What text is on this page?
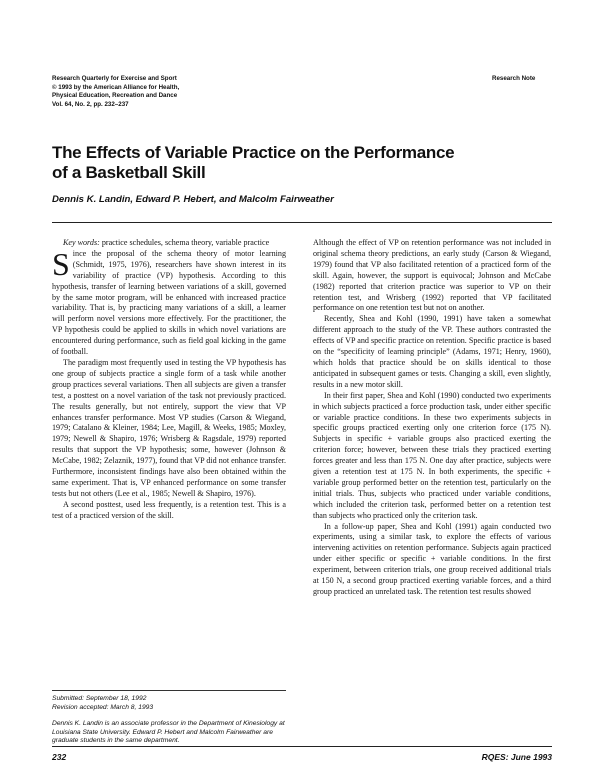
Research Quarterly for Exercise and Sport
© 1993 by the American Alliance for Health,
Physical Education, Recreation and Dance
Vol. 64, No. 2, pp. 232–237
Research Note
The Effects of Variable Practice on the Performance
of a Basketball Skill
Dennis K. Landin, Edward P. Hebert, and Malcolm Fairweather

Key words: practice schedules, schema theory, variable practice

Since the proposal of the schema theory of motor learning (Schmidt, 1975, 1976), researchers have shown interest in its variability of practice (VP) hypothesis. According to this hypothesis, transfer of learning between variations of a skill, governed by the same motor program, will be enhanced with increased practice variability. That is, by practicing many variations of a skill, a learner will perform novel versions more effectively. For the practitioner, the VP hypothesis could be applied to skills in which novel variations are encountered during performance, such as field goal kicking in the game of football.

The paradigm most frequently used in testing the VP hypothesis has one group of subjects practice a single form of a task while another group practices several variations. Then all subjects are given a transfer test, a posttest on a novel variation of the task not previously practiced. The results generally, but not entirely, support the view that VP enhances transfer performance. Most VP studies (Carson & Wiegand, 1979; Catalano & Kleiner, 1984; Lee, Magill, & Weeks, 1985; Moxley, 1979; Newell & Shapiro, 1976; Wrisberg & Ragsdale, 1979) reported results that support the VP hypothesis; some, however (Johnson & McCabe, 1982; Zelaznik, 1977), found that VP did not enhance transfer. Furthermore, inconsistent findings have also been obtained within the same experiment. That is, VP enhanced performance on some transfer tests but not others (Lee et al., 1985; Newell & Shapiro, 1976).

A second posttest, used less frequently, is a retention test. This is a test of a practiced version of the skill.

Although the effect of VP on retention performance was not included in original schema theory predictions, an early study (Carson & Wiegand, 1979) found that VP also facilitated retention of a practiced form of the skill. Again, however, the support is equivocal; Johnson and McCabe (1982) reported that criterion practice was superior to VP on their retention test, and Wrisberg (1992) reported that VP facilitated performance on one retention test but not on another.

Recently, Shea and Kohl (1990, 1991) have taken a somewhat different approach to the study of the VP. These authors contrasted the effects of VP and specific practice on retention. Specific practice is based on the “specificity of learning principle” (Adams, 1971; Henry, 1960), which holds that practice should be on skills identical to those anticipated in subsequent games or tests. Changing a skill, even slightly, results in a new motor skill.

In their first paper, Shea and Kohl (1990) conducted two experiments in which subjects practiced a force production task, under either specific or variable practice conditions. In these two experiments subjects in specific groups practiced exerting only one criterion force (175 N). Subjects in specific + variable groups also practiced exerting the criterion force; however, between these trials they practiced exerting forces greater and less than 175 N. One day after practice, subjects were given a retention test at 175 N. In both experiments, the specific + variable group performed better on the retention test, particularly on the initial trials. Thus, subjects who practiced under variable conditions, which included the criterion task, performed better on a retention test than subjects who practiced only the criterion task.

In a follow-up paper, Shea and Kohl (1991) again conducted two experiments, using a similar task, to explore the effects of various intervening activities on retention performance. Subjects again practiced under either specific or specific + variable conditions. In the first experiment, between criterion trials, one group received additional trials at 150 N, a second group practiced exerting variable forces, and a third group practiced an unrelated task. The retention test results showed

Submitted: September 18, 1992
Revision accepted: March 8, 1993
Dennis K. Landin is an associate professor in the Department of Kinesiology at Louisiana State University. Edward P. Hebert and Malcolm Fairweather are graduate students in the same department.
232	RQES: June 1993
